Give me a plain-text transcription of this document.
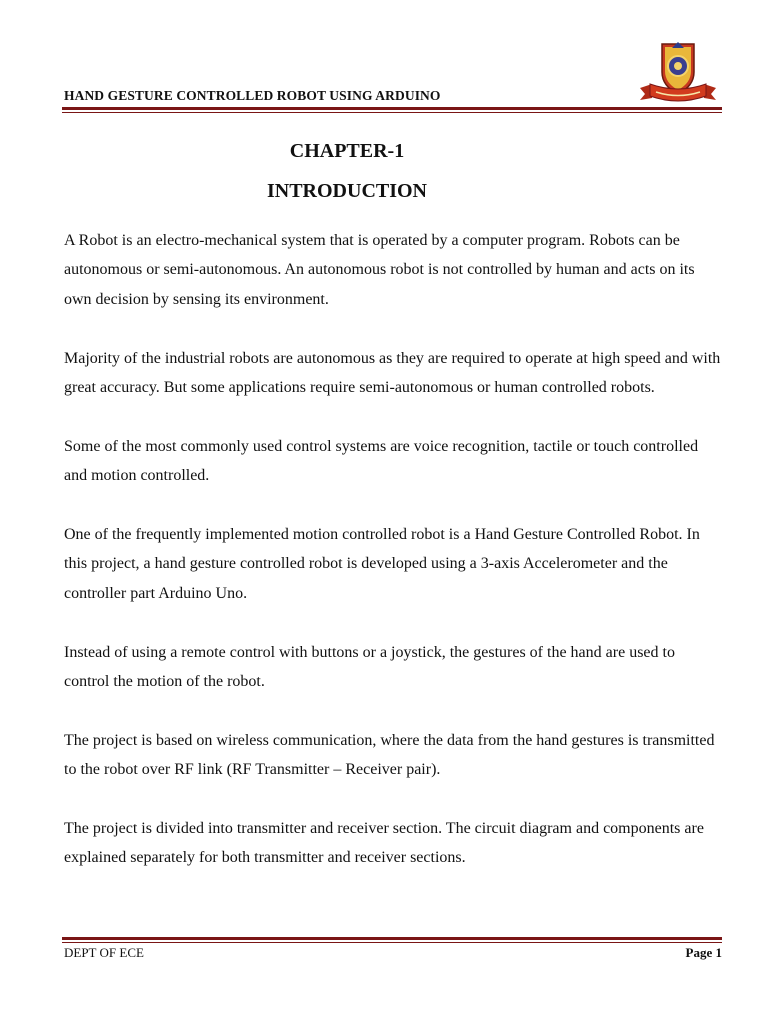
HAND GESTURE CONTROLLED ROBOT USING ARDUINO
CHAPTER-1
INTRODUCTION

A Robot is an electro-mechanical system that is operated by a computer program. Robots can be autonomous or semi-autonomous. An autonomous robot is not controlled by human and acts on its own decision by sensing its environment.

Majority of the industrial robots are autonomous as they are required to operate at high speed and with great accuracy. But some applications require semi-autonomous or human controlled robots.

Some of the most commonly used control systems are voice recognition, tactile or touch controlled and motion controlled.

One of the frequently implemented motion controlled robot is a Hand Gesture Controlled Robot. In this project, a hand gesture controlled robot is developed using a 3-axis Accelerometer and the controller part Arduino Uno.

Instead of using a remote control with buttons or a joystick, the gestures of the hand are used to control the motion of the robot.

The project is based on wireless communication, where the data from the hand gestures is transmitted to the robot over RF link (RF Transmitter – Receiver pair).

The project is divided into transmitter and receiver section. The circuit diagram and components are explained separately for both transmitter and receiver sections.

DEPT OF ECE	Page 1
